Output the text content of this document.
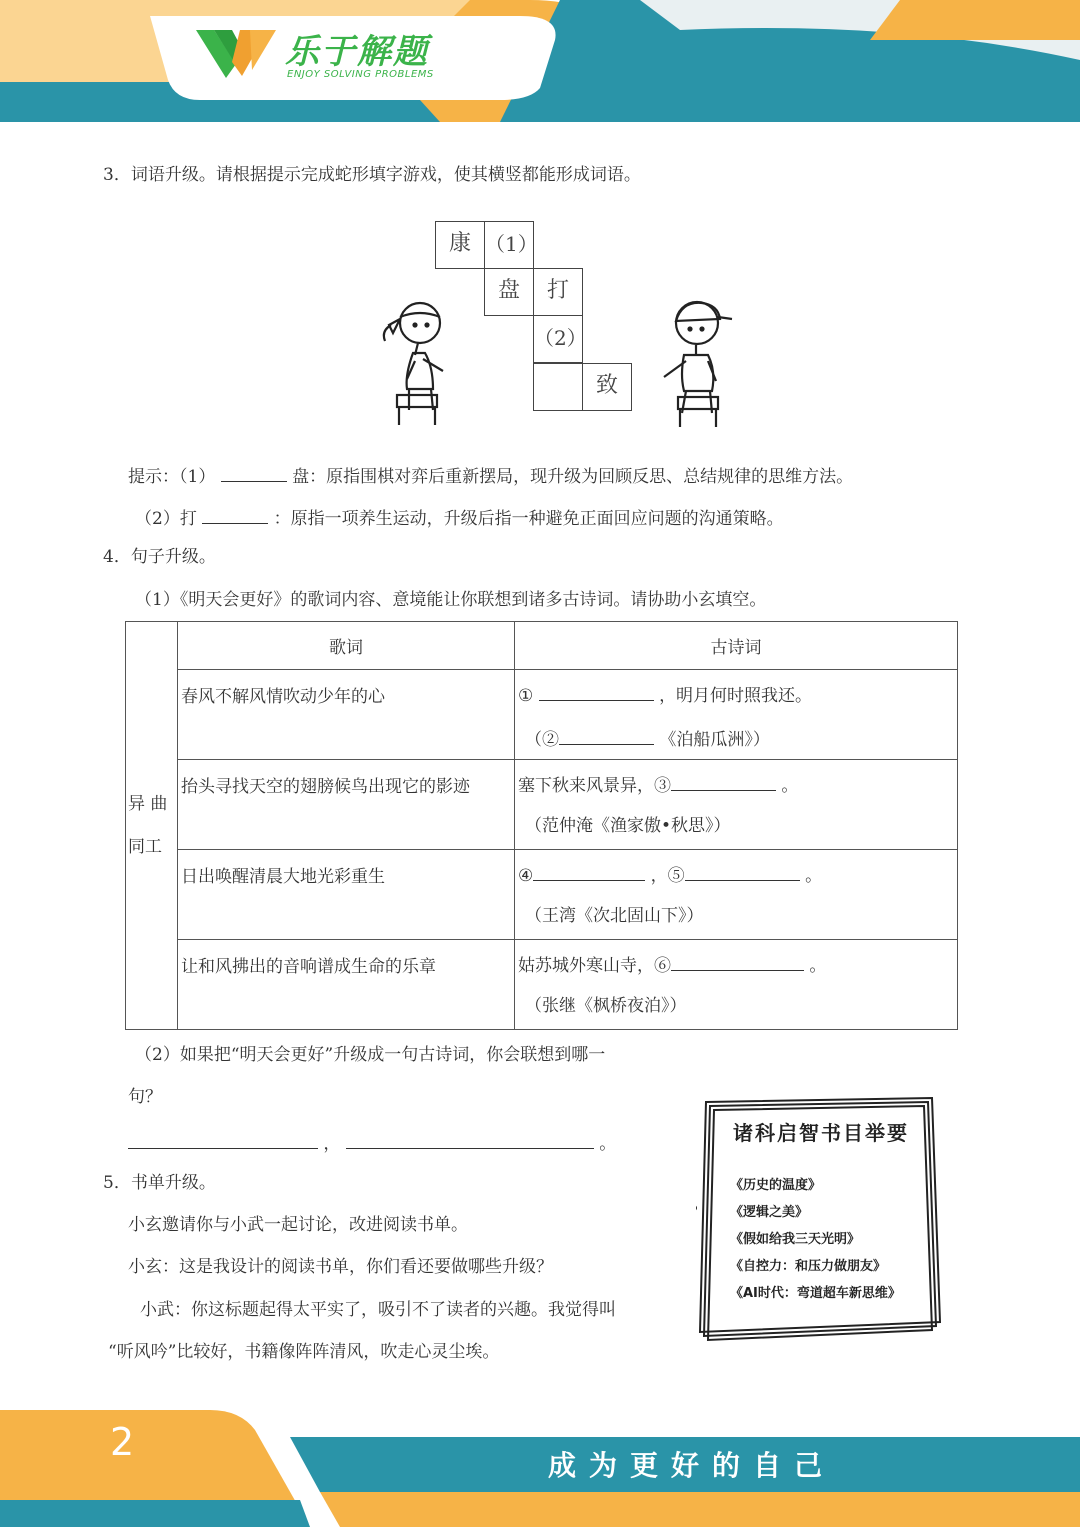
乐于解题
ENJOY SOLVING PROBLEMS
3．词语升级。请根据提示完成蛇形填字游戏，使其横竖都能形成词语。
康 （1）
盘	打
（2）
致
提示：（1）	盘：原指围棋对弈后重新摆局，现升级为回顾反思、总结规律的思维方法。
（2）打	：原指一项养生运动，升级后指一种避免正面回应问题的沟通策略。
4．句子升级。
（1）《明天会更好》的歌词内容、意境能让你联想到诸多古诗词。请协助小玄填空。
异 曲
同工	歌词	古诗词
	春风不解风情吹动少年的心	① ，明月何时照我还。
（② 《泊船瓜洲》）

	抬头寻找天空的翅膀候鸟出现它的影迹	塞下秋来风景异，③ 。
（范仲淹《渔家傲•秋思》）

	日出唤醒清晨大地光彩重生	④ ，⑤ 。
（王湾《次北固山下》）

	让和风拂出的音响谱成生命的乐章	姑苏城外寒山寺，⑥ 。
（张继《枫桥夜泊》）
（2）如果把“明天会更好”升级成一句古诗词，你会联想到哪一
句？
，	。
5．书单升级。
小玄邀请你与小武一起讨论，改进阅读书单。
小玄：这是我设计的阅读书单，你们看还要做哪些升级？
小武：你这标题起得太平实了，吸引不了读者的兴趣。我觉得叫
“听风吟”比较好，书籍像阵阵清风，吹走心灵尘埃。
诸科启智书目举要
《历史的温度》
《逻辑之美》
《假如给我三天光明》
《自控力：和压力做朋友》
《AI时代：弯道超车新思维》
2
成为更好的自己
